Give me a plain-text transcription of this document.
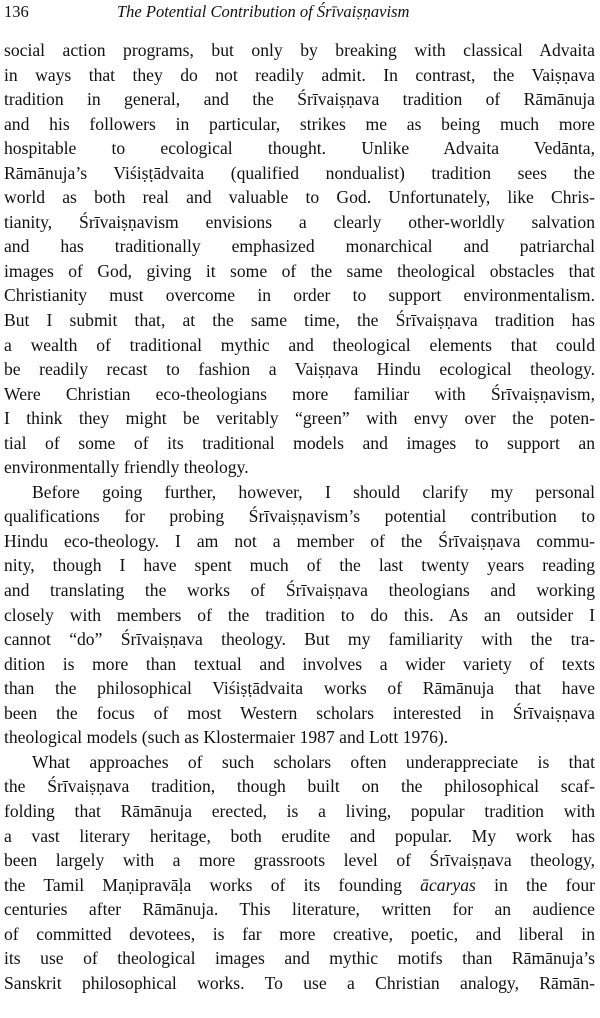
136	The Potential Contribution of Śrīvaiṣṇavism

social action programs, but only by breaking with classical Advaita
in ways that they do not readily admit. In contrast, the Vaiṣṇava
tradition in general, and the Śrīvaiṣṇava tradition of Rāmānuja
and his followers in particular, strikes me as being much more
hospitable to ecological thought. Unlike Advaita Vedānta,
Rāmānuja’s Viśiṣṭādvaita (qualified nondualist) tradition sees the
world as both real and valuable to God. Unfortunately, like Chris-
tianity, Śrīvaiṣṇavism envisions a clearly other-worldly salvation
and has traditionally emphasized monarchical and patriarchal
images of God, giving it some of the same theological obstacles that
Christianity must overcome in order to support environmentalism.
But I submit that, at the same time, the Śrīvaiṣṇava tradition has
a wealth of traditional mythic and theological elements that could
be readily recast to fashion a Vaiṣṇava Hindu ecological theology.
Were Christian eco-theologians more familiar with Śrīvaiṣṇavism,
I think they might be veritably “green” with envy over the poten-
tial of some of its traditional models and images to support an
environmentally friendly theology.

Before going further, however, I should clarify my personal
qualifications for probing Śrīvaiṣṇavism’s potential contribution to
Hindu eco-theology. I am not a member of the Śrīvaiṣṇava commu-
nity, though I have spent much of the last twenty years reading
and translating the works of Śrīvaiṣṇava theologians and working
closely with members of the tradition to do this. As an outsider I
cannot “do” Śrīvaiṣṇava theology. But my familiarity with the tra-
dition is more than textual and involves a wider variety of texts
than the philosophical Viśiṣṭādvaita works of Rāmānuja that have
been the focus of most Western scholars interested in Śrīvaiṣṇava
theological models (such as Klostermaier 1987 and Lott 1976).

What approaches of such scholars often underappreciate is that
the Śrīvaiṣṇava tradition, though built on the philosophical scaf-
folding that Rāmānuja erected, is a living, popular tradition with
a vast literary heritage, both erudite and popular. My work has
been largely with a more grassroots level of Śrīvaiṣṇava theology,
the Tamil Maṇipravāḷa works of its founding ācaryas in the four
centuries after Rāmānuja. This literature, written for an audience
of committed devotees, is far more creative, poetic, and liberal in
its use of theological images and mythic motifs than Rāmānuja’s
Sanskrit philosophical works. To use a Christian analogy, Rāmān-
